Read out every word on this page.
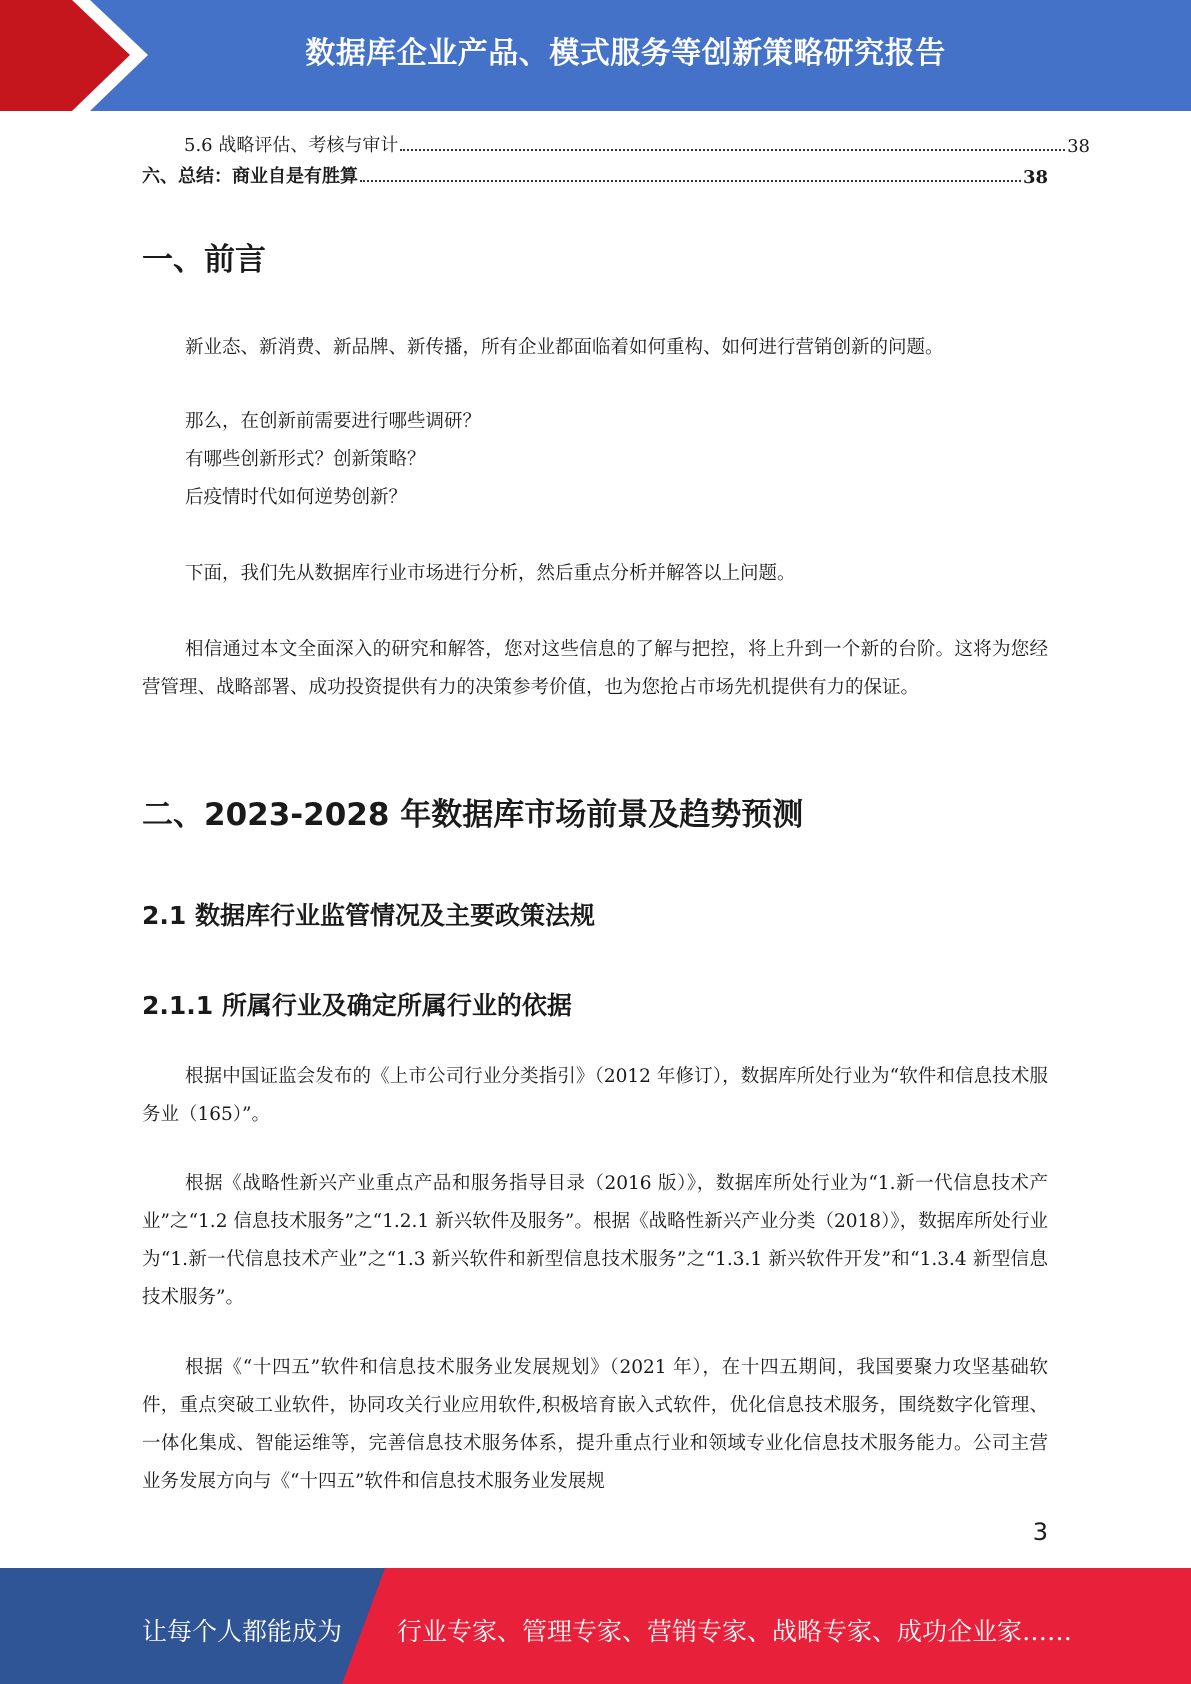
数据库企业产品、模式服务等创新策略研究报告
5.6 战略评估、考核与审计	38
六、总结：商业自是有胜算	38
一、前言
新业态、新消费、新品牌、新传播，所有企业都面临着如何重构、如何进行营销创新的问题。
那么，在创新前需要进行哪些调研？
有哪些创新形式？创新策略？
后疫情时代如何逆势创新？
下面，我们先从数据库行业市场进行分析，然后重点分析并解答以上问题。
相信通过本文全面深入的研究和解答，您对这些信息的了解与把控，将上升到一个新的台阶。这将为您经营管理、战略部署、成功投资提供有力的决策参考价值，也为您抢占市场先机提供有力的保证。
二、2023-2028 年数据库市场前景及趋势预测
2.1 数据库行业监管情况及主要政策法规
2.1.1 所属行业及确定所属行业的依据
根据中国证监会发布的《上市公司行业分类指引》（2012 年修订），数据库所处行业为“软件和信息技术服务业（165）”。
根据《战略性新兴产业重点产品和服务指导目录（2016 版）》，数据库所处行业为“1.新一代信息技术产业”之“1.2 信息技术服务”之“1.2.1 新兴软件及服务”。根据《战略性新兴产业分类（2018）》，数据库所处行业为“1.新一代信息技术产业”之“1.3 新兴软件和新型信息技术服务”之“1.3.1 新兴软件开发”和“1.3.4 新型信息技术服务”。
根据《“十四五”软件和信息技术服务业发展规划》（2021 年），在十四五期间，我国要聚力攻坚基础软件，重点突破工业软件，协同攻关行业应用软件,积极培育嵌入式软件，优化信息技术服务，围绕数字化管理、一体化集成、智能运维等，完善信息技术服务体系，提升重点行业和领域专业化信息技术服务能力。公司主营业务发展方向与《“十四五”软件和信息技术服务业发展规
3
让每个人都能成为 行业专家、管理专家、营销专家、战略专家、成功企业家……
